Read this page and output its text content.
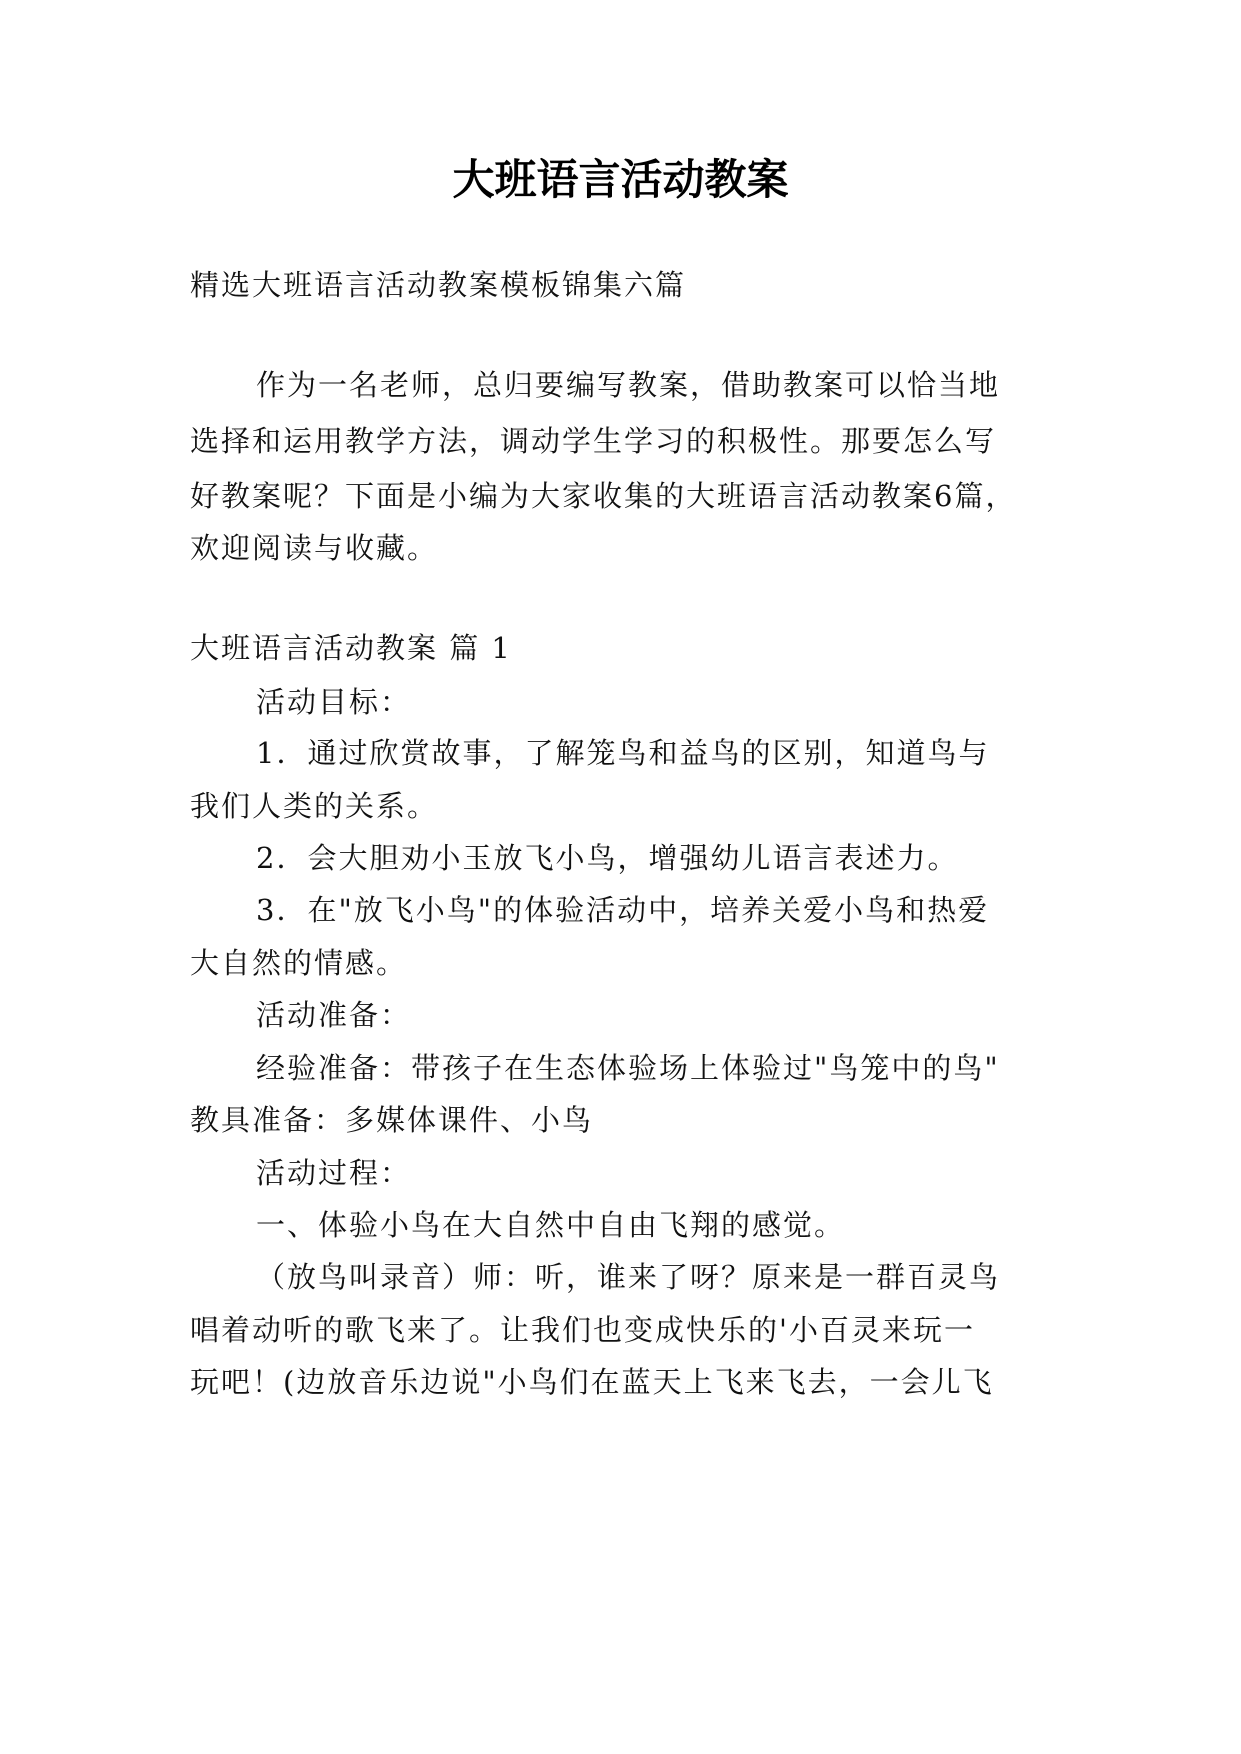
大班语言活动教案
精选大班语言活动教案模板锦集六篇
作为一名老师，总归要编写教案，借助教案可以恰当地
选择和运用教学方法，调动学生学习的积极性。那要怎么写
好教案呢？下面是小编为大家收集的大班语言活动教案6篇，
欢迎阅读与收藏。
大班语言活动教案 篇 1
活动目标：
1．通过欣赏故事，了解笼鸟和益鸟的区别，知道鸟与
我们人类的关系。
2．会大胆劝小玉放飞小鸟，增强幼儿语言表述力。
3．在"放飞小鸟"的体验活动中，培养关爱小鸟和热爱
大自然的情感。
活动准备：
经验准备：带孩子在生态体验场上体验过"鸟笼中的鸟"
教具准备：多媒体课件、小鸟
活动过程：
一、体验小鸟在大自然中自由飞翔的感觉。
（放鸟叫录音）师：听，谁来了呀？原来是一群百灵鸟
唱着动听的歌飞来了。让我们也变成快乐的'小百灵来玩一
玩吧！(边放音乐边说"小鸟们在蓝天上飞来飞去，一会儿飞
